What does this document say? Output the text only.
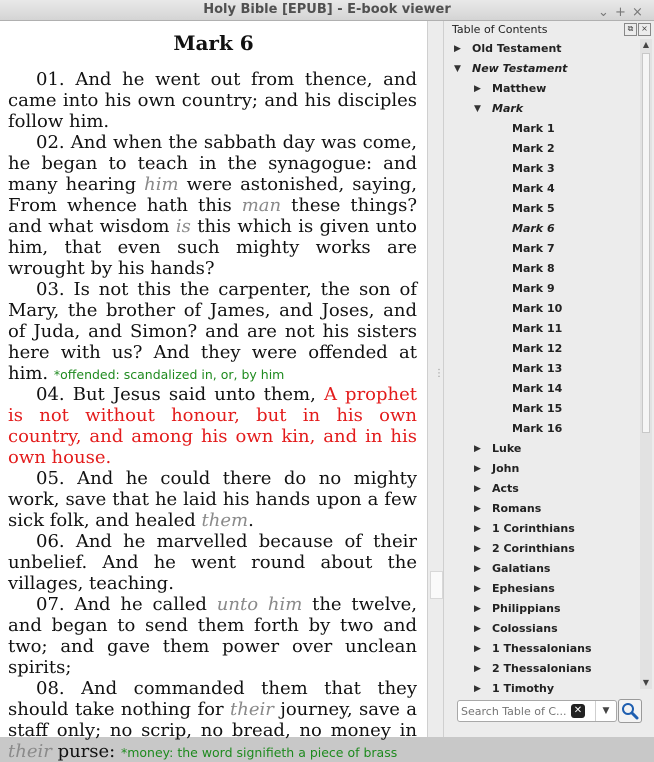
Holy Bible [EPUB] - E-book viewer	⌄ + ×
Mark 6

01. And he went out from thence, and came into his own country; and his disciples follow him.

02. And when the sabbath day was come, he began to teach in the synagogue: and many hearing him were astonished, saying, From whence hath this man these things? and what wisdom is this which is given unto him, that even such mighty works are wrought by his hands?

03. Is not this the carpenter, the son of Mary, the brother of James, and Joses, and of Juda, and Simon? and are not his sisters here with us? And they were offended at him. *offended: scandalized in, or, by him

04. But Jesus said unto them, A prophet is not without honour, but in his own country, and among his own kin, and in his own house.

05. And he could there do no mighty work, save that he laid his hands upon a few sick folk, and healed them.

06. And he marvelled because of their unbelief. And he went round about the villages, teaching.

07. And he called unto him the twelve, and began to send them forth by two and two; and gave them power over unclean spirits;

08. And commanded them that they should take nothing for their journey, save a staff only; no scrip, no bread, no money in their purse: *money: the word signifieth a piece of brass

⋮
Table of Contents	⧉ ×
▶ Old Testament
▼ New Testament
▶ Matthew
▼ Mark
Mark 1
Mark 2
Mark 3
Mark 4
Mark 5
Mark 6
Mark 7
Mark 8
Mark 9
Mark 10
Mark 11
Mark 12
Mark 13
Mark 14
Mark 15
Mark 16
▶ Luke
▶ John
▶ Acts
▶ Romans
▶ 1 Corinthians
▶ 2 Corinthians
▶ Galatians
▶ Ephesians
▶ Philippians
▶ Colossians
▶ 1 Thessalonians
▶ 2 Thessalonians
▶ 1 Timothy
▲
▼
Search Table of C...
✕	▼
